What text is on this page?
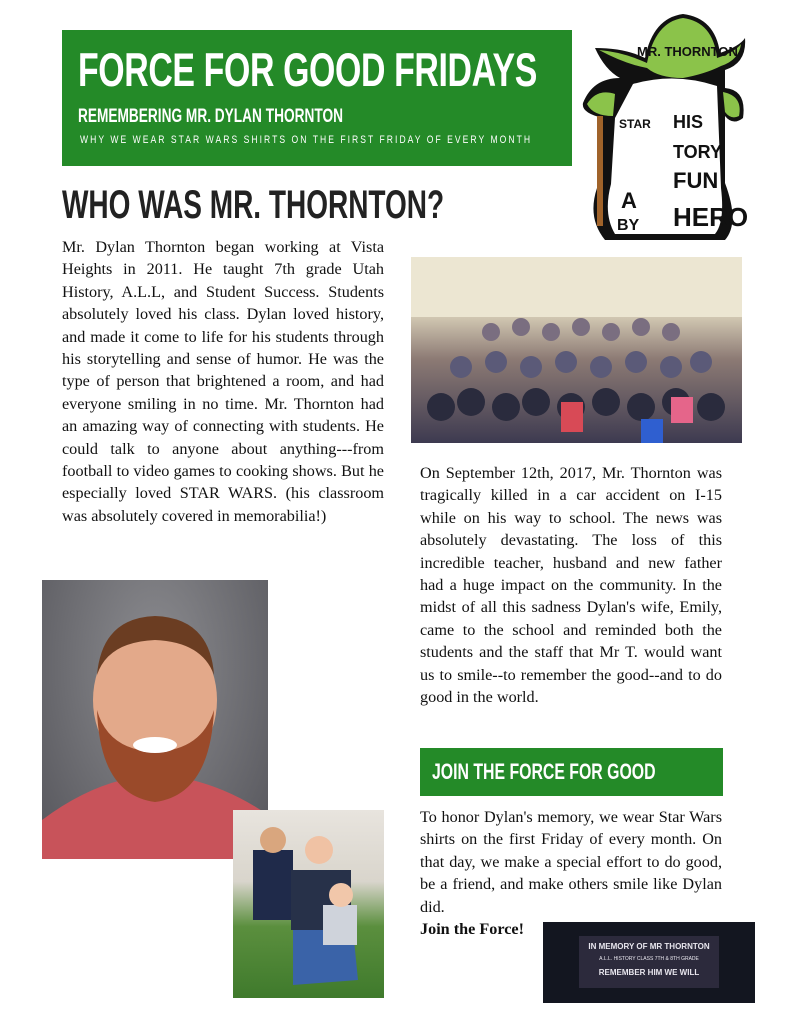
FORCE FOR GOOD FRIDAYS
REMEMBERING MR. DYLAN THORNTON
WHY WE WEAR STAR WARS SHIRTS ON THE FIRST FRIDAY OF EVERY MONTH
MR. THORNTON
STAR HIS
TORY
FUN
HERO
A
BY
WHO WAS MR. THORNTON?

Mr. Dylan Thornton began working at Vista Heights in 2011. He taught 7th grade Utah History, A.L.L, and Student Success. Students absolutely loved his class. Dylan loved history, and made it come to life for his students through his storytelling and sense of humor. He was the type of person that brightened a room, and had everyone smiling in no time. Mr. Thornton had an amazing way of connecting with students. He could talk to anyone about anything---from football to video games to cooking shows. But he especially loved STAR WARS. (his classroom was absolutely covered in memorabilia!)

On September 12th, 2017, Mr. Thornton was tragically killed in a car accident on I-15 while on his way to school. The news was absolutely devastating. The loss of this incredible teacher, husband and new father had a huge impact on the community. In the midst of all this sadness Dylan's wife, Emily, came to the school and reminded both the students and the staff that Mr T. would want us to smile--to remember the good--and to do good in the world.

JOIN THE FORCE FOR GOOD

To honor Dylan's memory, we wear Star Wars shirts on the first Friday of every month. On that day, we make a special effort to do good, be a friend, and make others smile like Dylan did.
Join the Force!

IN MEMORY OF MR THORNTON
A.L.L. HISTORY CLASS 7TH & 8TH GRADE
REMEMBER HIM WE WILL
